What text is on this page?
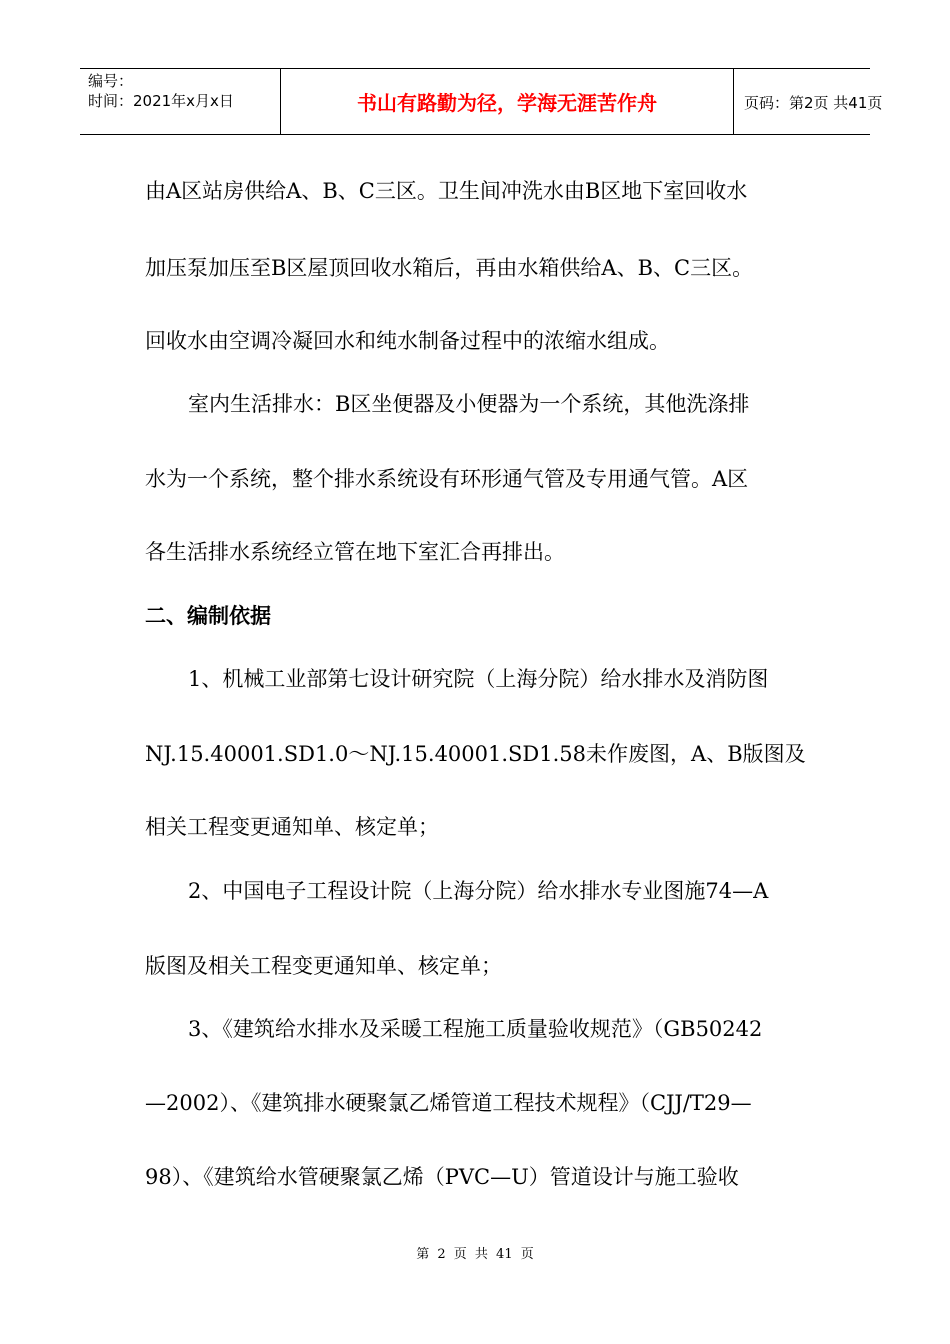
编号：
时间：2021年x月x日	书山有路勤为径，学海无涯苦作舟	页码：第2页 共41页
由A区站房供给A、B、C三区。卫生间冲洗水由B区地下室回收水
加压泵加压至B区屋顶回收水箱后，再由水箱供给A、B、C三区。
回收水由空调冷凝回水和纯水制备过程中的浓缩水组成。
室内生活排水：B区坐便器及小便器为一个系统，其他洗涤排
水为一个系统，整个排水系统设有环形通气管及专用通气管。A区
各生活排水系统经立管在地下室汇合再排出。
二、编制依据
1、机械工业部第七设计研究院（上海分院）给水排水及消防图
NJ.15.40001.SD1.0～NJ.15.40001.SD1.58未作废图，A、B版图及
相关工程变更通知单、核定单；
2、中国电子工程设计院（上海分院）给水排水专业图施74—A
版图及相关工程变更通知单、核定单；
3、《建筑给水排水及采暖工程施工质量验收规范》（GB50242
—2002）、《建筑排水硬聚氯乙烯管道工程技术规程》（CJJ/T29—
98）、《建筑给水管硬聚氯乙烯（PVC—U）管道设计与施工验收
第 2 页 共 41 页
